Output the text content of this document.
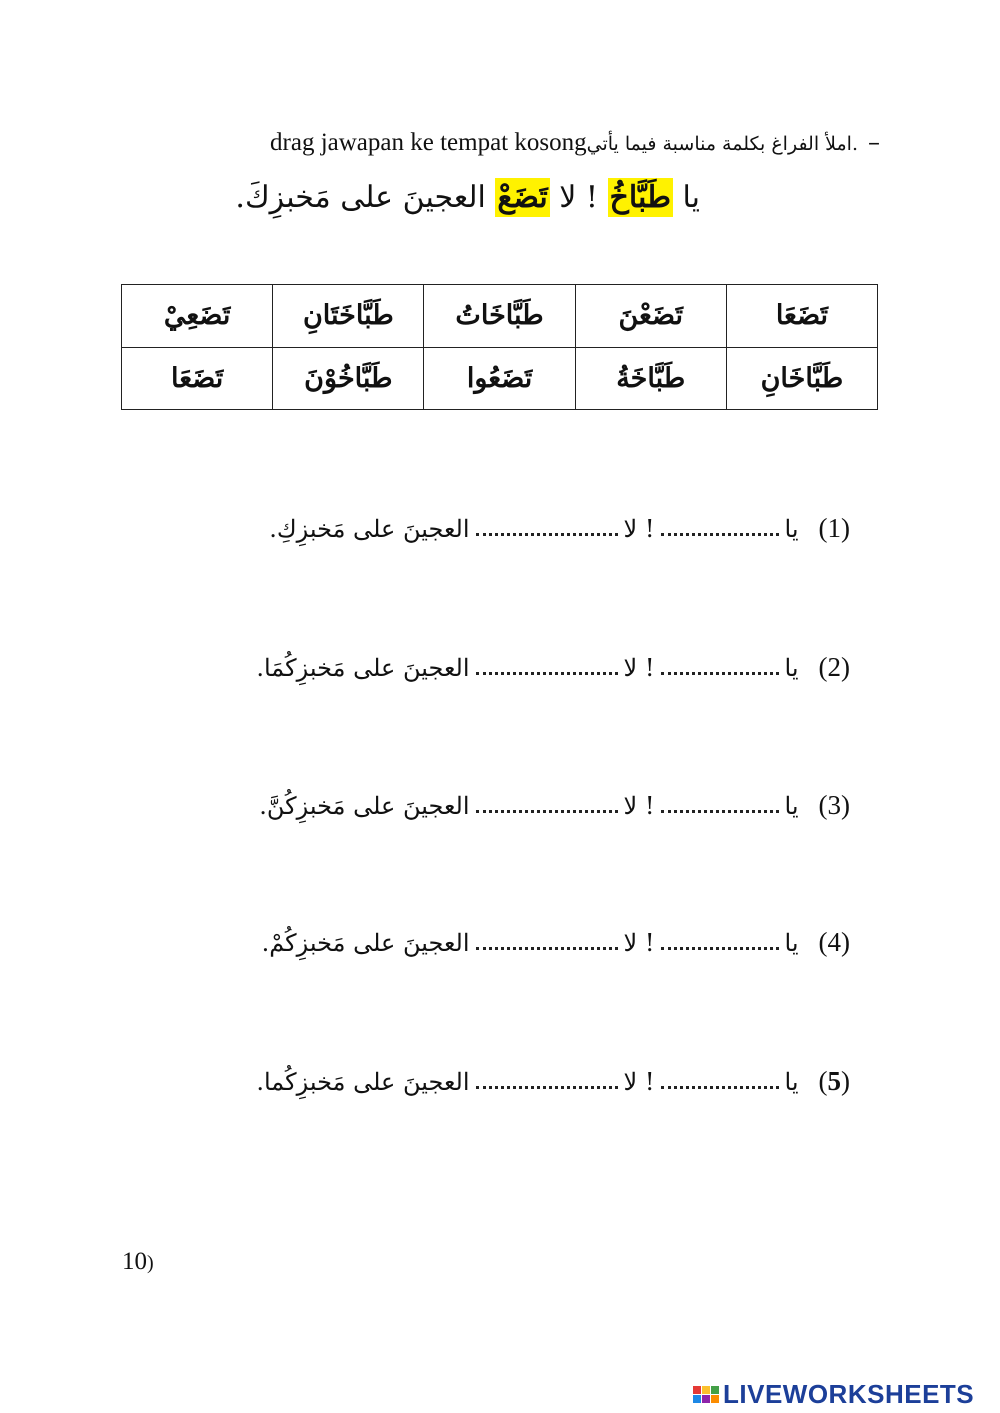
drag jawapan ke tempat kosongاملأ الفراغ بكلمة مناسبة فيما يأتي. –
يا طَبَّاخُ ! لا تَضَعْ العجينَ على مَخبزِكَ.
تَضَعَا	تَضَعْنَ	طَبَّاخَاتُ	طَبَّاخَتَانِ	تَضَعِيْ
طَبَّاخَانِ	طَبَّاخَةُ	تَضَعُوا	طَبَّاخُوْنَ	تَضَعَا
(1)يا! لاالعجينَ على مَخبزِكِ.
(2)يا! لاالعجينَ على مَخبزِكُمَا.
(3)يا! لاالعجينَ على مَخبزِكُنَّ.
(4)يا! لاالعجينَ على مَخبزِكُمْ.
(5)يا! لاالعجينَ على مَخبزِكُما.
10)
LIVEWORKSHEETS
